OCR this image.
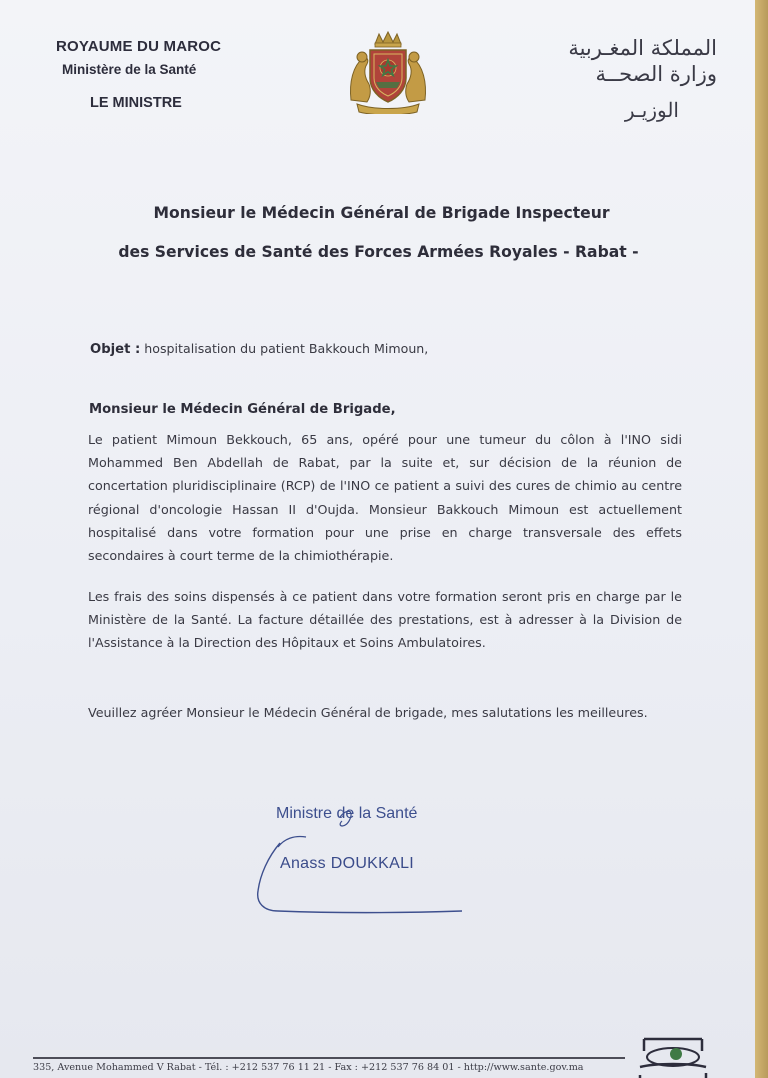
ROYAUME DU MAROC
Ministère de la Santé
LE MINISTRE
المملكة المغـربية
وزارة الصحــة
الوزيـر
Monsieur le Médecin Général de Brigade Inspecteur
des Services de Santé des Forces Armées Royales - Rabat -
Objet : hospitalisation du patient Bakkouch Mimoun,
Monsieur le Médecin Général de Brigade,

Le patient Mimoun Bekkouch, 65 ans, opéré pour une tumeur du côlon à l'INO sidi Mohammed Ben Abdellah de Rabat, par la suite et, sur décision de la réunion de concertation pluridisciplinaire (RCP) de l'INO ce patient a suivi des cures de chimio au centre régional d'oncologie Hassan II d'Oujda. Monsieur Bakkouch Mimoun est actuellement hospitalisé dans votre formation pour une prise en charge transversale des effets secondaires à court terme de la chimiothérapie.

Les frais des soins dispensés à ce patient dans votre formation seront pris en charge par le Ministère de la Santé. La facture détaillée des prestations, est à adresser à la Division de l'Assistance à la Direction des Hôpitaux et Soins Ambulatoires.

Veuillez agréer Monsieur le Médecin Général de brigade, mes salutations les meilleures.

Ministre de la Santé
Anass DOUKKALI
335, Avenue Mohammed V Rabat - Tél. : +212 537 76 11 21 - Fax : +212 537 76 84 01 - http://www.sante.gov.ma
